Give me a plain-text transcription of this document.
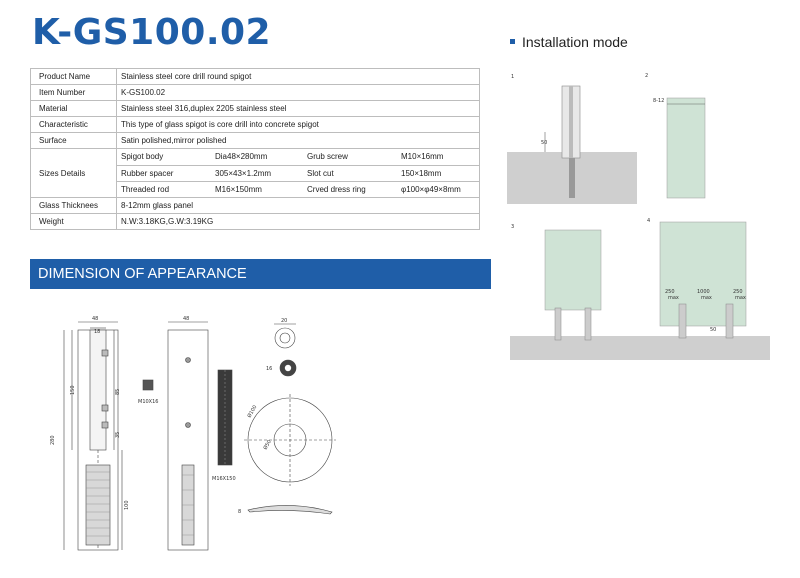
K-GS100.02
Product Name	Stainless steel core drill round spigot
Item Number	K-GS100.02
Material	Stainless steel 316,duplex 2205 stainless steel
Characteristic	This type of glass spigot is core drill into concrete spigot
Surface	Satin polished,mirror polished
Sizes Details	
Spigot body	Dia48×280mm	Grub screw	M10×16mm
Rubber spacer	305×43×1.2mm	Slot cut	150×18mm
Threaded rod	M16×150mm	Crved dress ring	φ100×φ49×8mm

Glass Thicknees	8-12mm glass panel
Weight	N.W:3.18KG,G.W:3.19KG
DIMENSION OF APPEARANCE
Installation mode
48
18
150	85
35
280
100
48
M10X16
20
16
M16X150
Ø100
Ø50
8
1	2
3
4
50
8-12
250
max
1000
max
250
max
50
